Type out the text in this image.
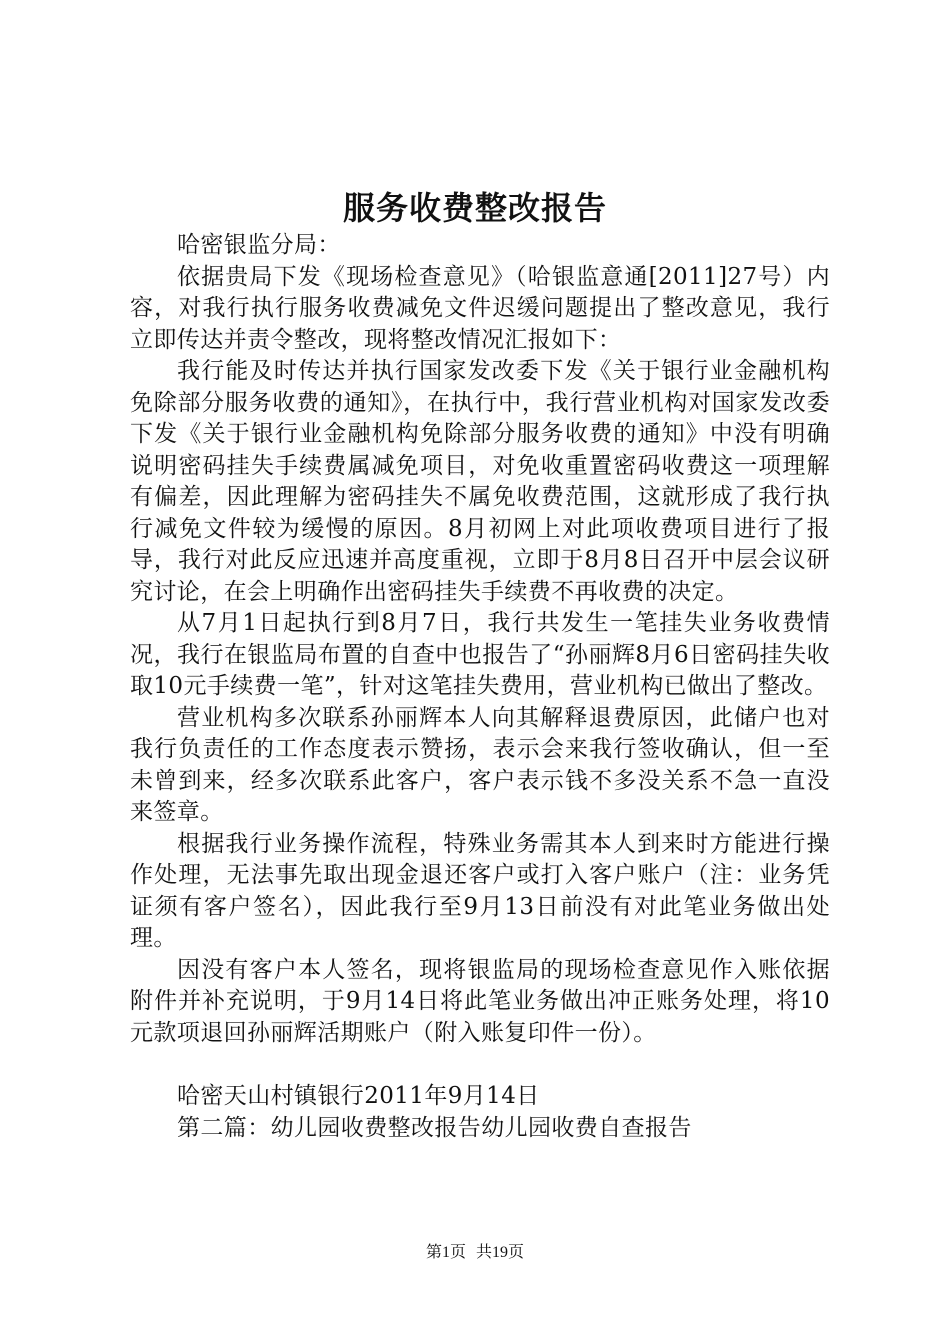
服务收费整改报告

哈密银监分局：

依据贵局下发《现场检查意见》（哈银监意通[2011]27号）内容，对我行执行服务收费减免文件迟缓问题提出了整改意见，我行立即传达并责令整改，现将整改情况汇报如下：

我行能及时传达并执行国家发改委下发《关于银行业金融机构免除部分服务收费的通知》，在执行中，我行营业机构对国家发改委下发《关于银行业金融机构免除部分服务收费的通知》中没有明确说明密码挂失手续费属减免项目，对免收重置密码收费这一项理解有偏差，因此理解为密码挂失不属免收费范围，这就形成了我行执行减免文件较为缓慢的原因。8月初网上对此项收费项目进行了报导，我行对此反应迅速并高度重视，立即于8月8日召开中层会议研究讨论，在会上明确作出密码挂失手续费不再收费的决定。

从7月1日起执行到8月7日，我行共发生一笔挂失业务收费情况，我行在银监局布置的自查中也报告了“孙丽辉8月6日密码挂失收取10元手续费一笔”，针对这笔挂失费用，营业机构已做出了整改。

营业机构多次联系孙丽辉本人向其解释退费原因，此储户也对我行负责任的工作态度表示赞扬，表示会来我行签收确认，但一至未曾到来，经多次联系此客户，客户表示钱不多没关系不急一直没来签章。

根据我行业务操作流程，特殊业务需其本人到来时方能进行操作处理，无法事先取出现金退还客户或打入客户账户（注：业务凭证须有客户签名），因此我行至9月13日前没有对此笔业务做出处理。

因没有客户本人签名，现将银监局的现场检查意见作入账依据附件并补充说明，于9月14日将此笔业务做出冲正账务处理，将10元款项退回孙丽辉活期账户（附入账复印件一份）。

哈密天山村镇银行2011年9月14日

第二篇：幼儿园收费整改报告幼儿园收费自查报告

第1页 共19页
